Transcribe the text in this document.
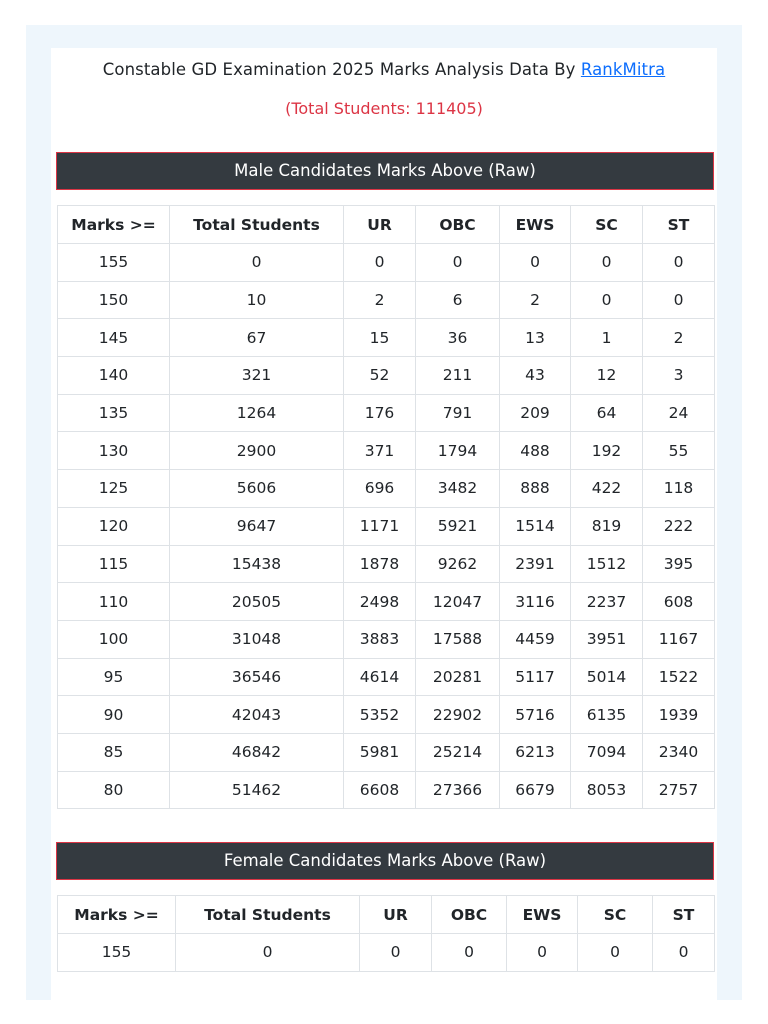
Constable GD Examination 2025 Marks Analysis Data By RankMitra
(Total Students: 111405)
Male Candidates Marks Above (Raw)
Marks >=	Total Students	UR	OBC	EWS	SC	ST
155	0	0	0	0	0	0
150	10	2	6	2	0	0
145	67	15	36	13	1	2
140	321	52	211	43	12	3
135	1264	176	791	209	64	24
130	2900	371	1794	488	192	55
125	5606	696	3482	888	422	118
120	9647	1171	5921	1514	819	222
115	15438	1878	9262	2391	1512	395
110	20505	2498	12047	3116	2237	608
100	31048	3883	17588	4459	3951	1167
95	36546	4614	20281	5117	5014	1522
90	42043	5352	22902	5716	6135	1939
85	46842	5981	25214	6213	7094	2340
80	51462	6608	27366	6679	8053	2757
Female Candidates Marks Above (Raw)
Marks >=	Total Students	UR	OBC	EWS	SC	ST
155	0	0	0	0	0	0
